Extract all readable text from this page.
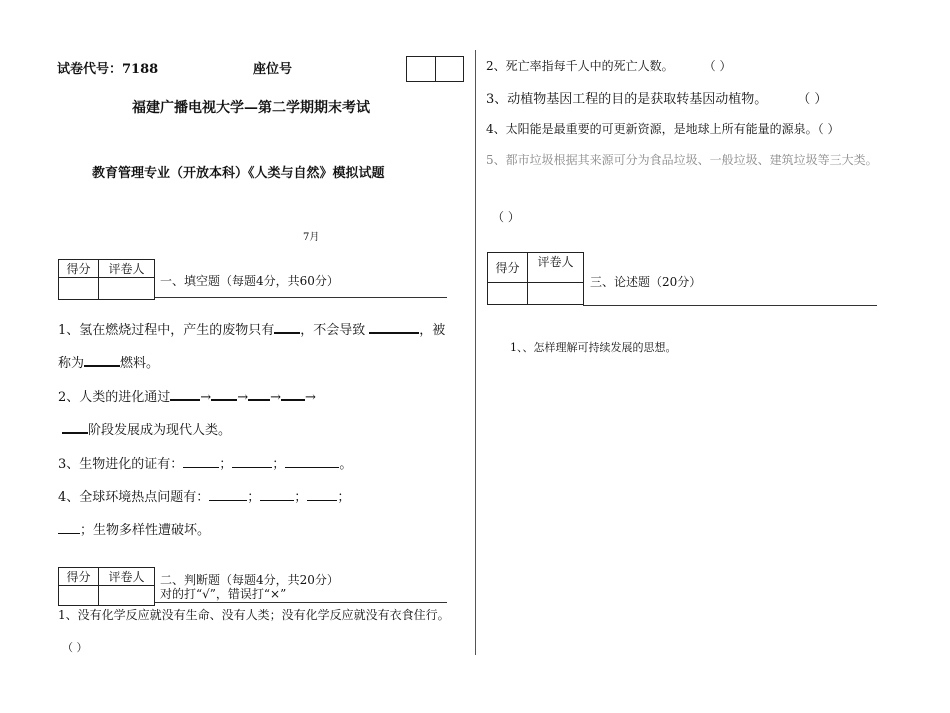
试卷代号：7188	座位号
福建广播电视大学—第二学期期末考试
教育管理专业（开放本科）《人类与自然》模拟试题
7月
得分	评卷人

一、填空题（每题4分，共60分）
1、氢在燃烧过程中，产生的废物只有 ，不会导致	，被
称为	燃料。
2、人类的进化通过 → → → →
阶段发展成为现代人类。
3、生物进化的证有：	；	；	。
4、全球环境热点问题有：	；	； ；
；生物多样性遭破坏。
得分	评卷人
	二、判断题（每题4分，共20分）
对的打“√”，错误打“×”
1、没有化学反应就没有生命、没有人类；没有化学反应就没有衣食住行。
（ ）
2、死亡率指每千人中的死亡人数。	（ ）
3、动植物基因工程的目的是获取转基因动植物。 （ ）
4、太阳能是最重要的可更新资源，是地球上所有能量的源泉。（ ）
5、都市垃圾根据其来源可分为食品垃圾、一般垃圾、建筑垃圾等三大类。
（ ）
得分	评卷人

三、论述题（20分）
1、、怎样理解可持续发展的思想。
